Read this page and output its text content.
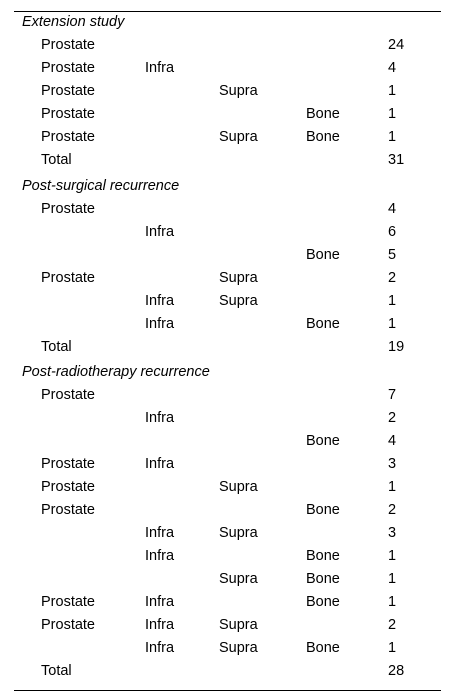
Extension study
Prostate	24
Prostate	Infra	4
Prostate	Supra	1
Prostate	Bone	1
Prostate	Supra	Bone	1
Total	31
Post-surgical recurrence
Prostate	4
Infra	6
Bone	5
Prostate	Supra	2
Infra	Supra	1
Infra	Bone	1
Total	19
Post-radiotherapy recurrence
Prostate	7
Infra	2
Bone	4
Prostate	Infra	3
Prostate	Supra	1
Prostate	Bone	2
Infra	Supra	3
Infra	Bone	1
Supra	Bone	1
Prostate	Infra	Bone	1
Prostate	Infra	Supra	2
Infra	Supra	Bone	1
Total	28
